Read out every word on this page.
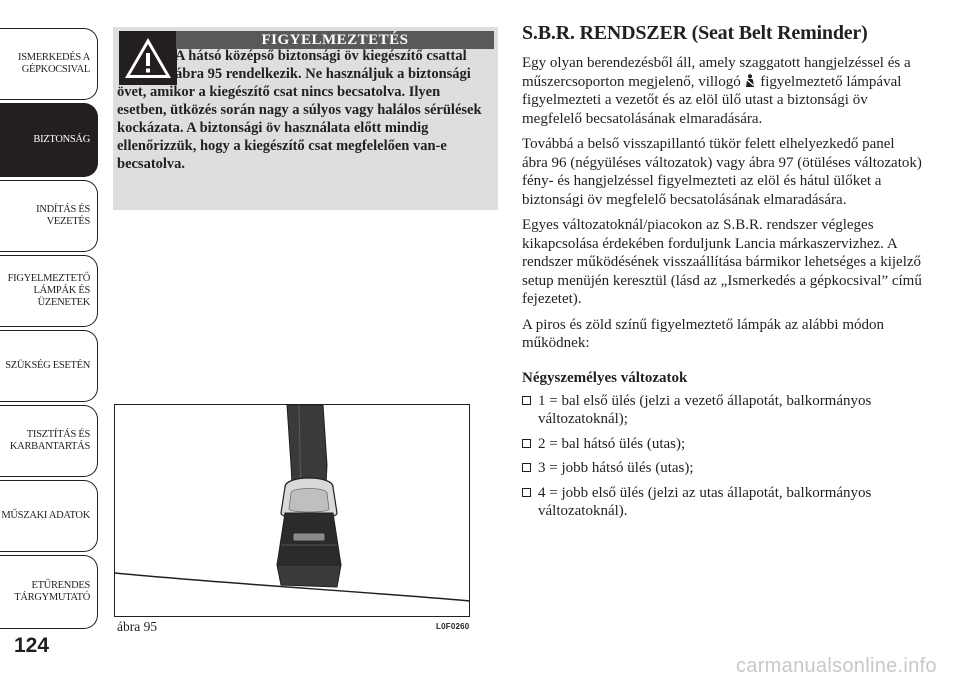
ISMERKEDÉS A
GÉPKOCSIVAL
BIZTONSÁG
INDÍTÁS ÉS
VEZETÉS
FIGYELMEZTETŐ
LÁMPÁK ÉS
ÜZENETEK
SZÜKSÉG ESETÉN
TISZTÍTÁS ÉS
KARBANTARTÁS
MŰSZAKI ADATOK
ETŰRENDES
TÁRGYMUTATÓ
124
FIGYELMEZTETÉS
A hátsó középső biztonsági öv kiegészítő csattal ábra 95 rendelkezik. Ne használjuk a biztonsági övet, amikor a kiegészítő csat nincs becsatolva. Ilyen esetben, ütközés során nagy a súlyos vagy halálos sérülések kockázata. A biztonsági öv használata előtt mindig ellenőrizzük, hogy a kiegészítő csat megfelelően van-e becsatolva.
ábra 95	L0F0260
S.B.R. RENDSZER (Seat Belt Reminder)

Egy olyan berendezésből áll, amely szaggatott hangjelzéssel és a műszercsoporton megjelenő, villogó figyelmeztető lámpával figyelmezteti a vezetőt és az elöl ülő utast a biztonsági öv megfelelő becsatolásának elmaradására.

Továbbá a belső visszapillantó tükör felett elhelyezkedő panel ábra 96 (négyüléses változatok) vagy ábra 97 (ötüléses változatok) fény- és hangjelzéssel figyelmezteti az elöl és hátul ülőket a biztonsági öv megfelelő becsatolásának elmaradására.

Egyes változatoknál/piacokon az S.B.R. rendszer végleges kikapcsolása érdekében forduljunk Lancia márkaszervizhez. A rendszer működésének visszaállítása bármikor lehetséges a kijelző setup menüjén keresztül (lásd az „Ismerkedés a gépkocsival” című fejezetet).

A piros és zöld színű figyelmeztető lámpák az alábbi módon működnek:

Négyszemélyes változatok
1 = bal első ülés (jelzi a vezető állapotát, balkormányos változatoknál);
2 = bal hátsó ülés (utas);
3 = jobb hátsó ülés (utas);
4 = jobb első ülés (jelzi az utas állapotát, balkormányos változatoknál).
carmanualsonline.info
